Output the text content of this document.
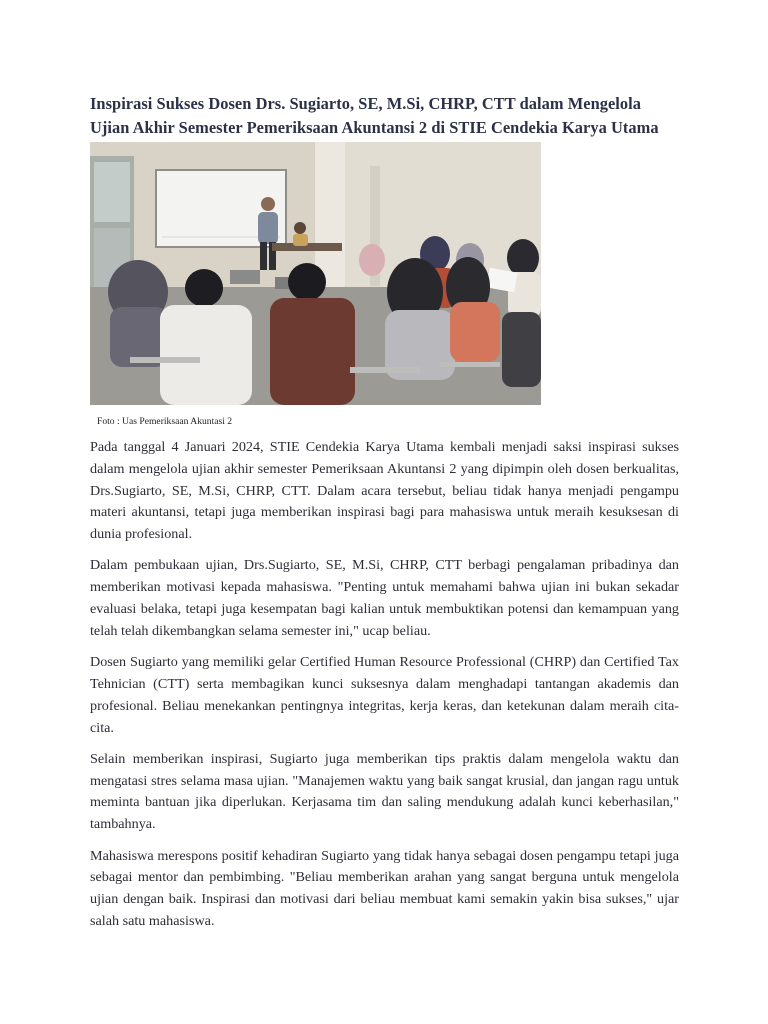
Inspirasi Sukses Dosen Drs. Sugiarto, SE, M.Si, CHRP, CTT dalam Mengelola Ujian Akhir Semester Pemeriksaan Akuntansi 2 di STIE Cendekia Karya Utama
Foto : Uas Pemeriksaan Akuntasi 2

Pada tanggal 4 Januari 2024, STIE Cendekia Karya Utama kembali menjadi saksi inspirasi sukses dalam mengelola ujian akhir semester Pemeriksaan Akuntansi 2 yang dipimpin oleh dosen berkualitas, Drs.Sugiarto, SE, M.Si, CHRP, CTT. Dalam acara tersebut, beliau tidak hanya menjadi pengampu materi akuntansi, tetapi juga memberikan inspirasi bagi para mahasiswa untuk meraih kesuksesan di dunia profesional.

Dalam pembukaan ujian, Drs.Sugiarto, SE, M.Si, CHRP, CTT berbagi pengalaman pribadinya dan memberikan motivasi kepada mahasiswa. "Penting untuk memahami bahwa ujian ini bukan sekadar evaluasi belaka, tetapi juga kesempatan bagi kalian untuk membuktikan potensi dan kemampuan yang telah telah dikembangkan selama semester ini," ucap beliau.

Dosen Sugiarto yang memiliki gelar Certified Human Resource Professional (CHRP) dan Certified Tax Tehnician (CTT) serta membagikan kunci suksesnya dalam menghadapi tantangan akademis dan profesional. Beliau menekankan pentingnya integritas, kerja keras, dan ketekunan dalam meraih cita-cita.

Selain memberikan inspirasi, Sugiarto juga memberikan tips praktis dalam mengelola waktu dan mengatasi stres selama masa ujian. "Manajemen waktu yang baik sangat krusial, dan jangan ragu untuk meminta bantuan jika diperlukan. Kerjasama tim dan saling mendukung adalah kunci keberhasilan," tambahnya.

Mahasiswa merespons positif kehadiran Sugiarto yang tidak hanya sebagai dosen pengampu tetapi juga sebagai mentor dan pembimbing. "Beliau memberikan arahan yang sangat berguna untuk mengelola ujian dengan baik. Inspirasi dan motivasi dari beliau membuat kami semakin yakin bisa sukses," ujar salah satu mahasiswa.
